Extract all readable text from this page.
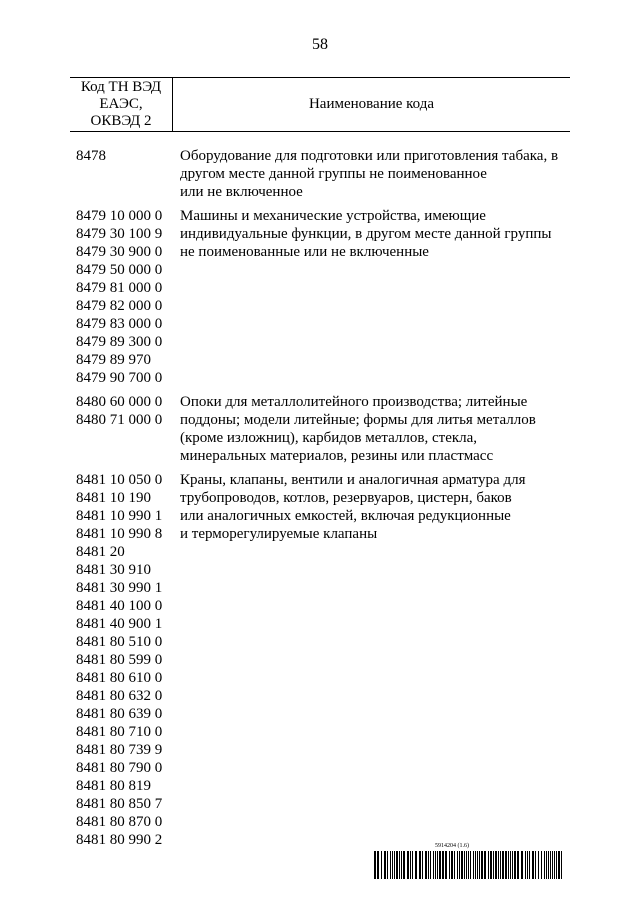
58
Код ТН ВЭД
ЕАЭС,
ОКВЭД 2
Наименование кода
8478	Оборудование для подготовки или приготовления табака, в
другом месте данной группы не поименованное
или не включенное
8479 10 000 0
8479 30 100 9
8479 30 900 0
8479 50 000 0
8479 81 000 0
8479 82 000 0
8479 83 000 0
8479 89 300 0
8479 89 970
8479 90 700 0
Машины и механические устройства, имеющие
индивидуальные функции, в другом месте данной группы
не поименованные или не включенные
8480 60 000 0
8480 71 000 0
Опоки для металлолитейного производства; литейные
поддоны; модели литейные; формы для литья металлов
(кроме изложниц), карбидов металлов, стекла,
минеральных материалов, резины или пластмасс
8481 10 050 0
8481 10 190
8481 10 990 1
8481 10 990 8
8481 20
8481 30 910
8481 30 990 1
8481 40 100 0
8481 40 900 1
8481 80 510 0
8481 80 599 0
8481 80 610 0
8481 80 632 0
8481 80 639 0
8481 80 710 0
8481 80 739 9
8481 80 790 0
8481 80 819
8481 80 850 7
8481 80 870 0
8481 80 990 2
Краны, клапаны, вентили и аналогичная арматура для
трубопроводов, котлов, резервуаров, цистерн, баков
или аналогичных емкостей, включая редукционные
и терморегулируемые клапаны
5914204 (1.6)
